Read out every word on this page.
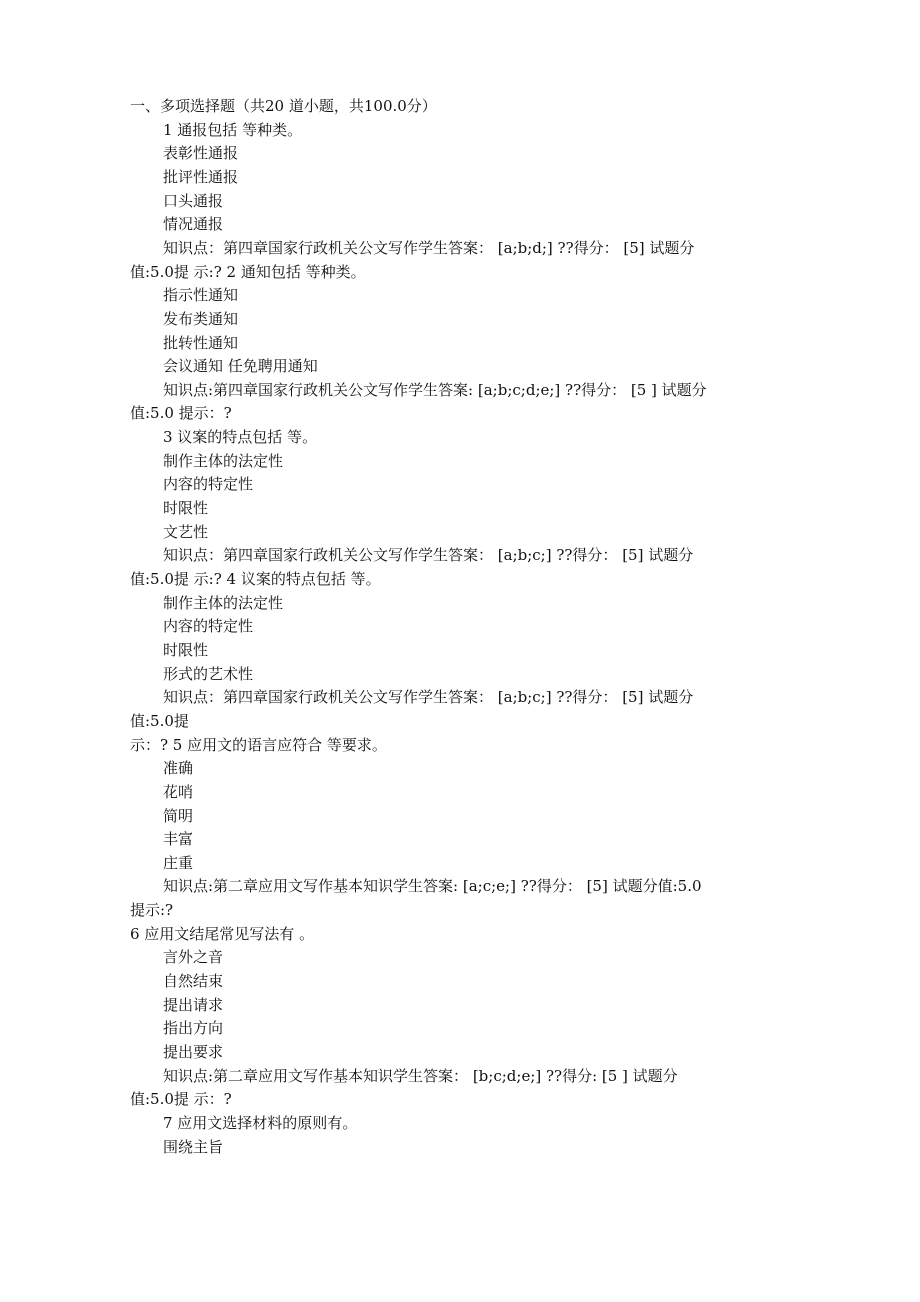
一、多项选择题（共20 道小题，共100.0分）
1 通报包括 等种类。
表彰性通报
批评性通报
口头通报
情况通报
知识点：第四章国家行政机关公文写作学生答案： [a;b;d;] ??得分： [5] 试题分
值:5.0提 示:? 2 通知包括 等种类。
指示性通知
发布类通知
批转性通知
会议通知 任免聘用通知
知识点:第四章国家行政机关公文写作学生答案: [a;b;c;d;e;] ??得分： [5 ] 试题分
值:5.0 提示：?
3 议案的特点包括 等。
制作主体的法定性
内容的特定性
时限性
文艺性
知识点：第四章国家行政机关公文写作学生答案： [a;b;c;] ??得分： [5] 试题分
值:5.0提 示:? 4 议案的特点包括 等。
制作主体的法定性
内容的特定性
时限性
形式的艺术性
知识点：第四章国家行政机关公文写作学生答案： [a;b;c;] ??得分： [5] 试题分
值:5.0提
示：? 5 应用文的语言应符合 等要求。
准确
花哨
简明
丰富
庄重
知识点:第二章应用文写作基本知识学生答案: [a;c;e;] ??得分： [5] 试题分值:5.0
提示:?
6 应用文结尾常见写法有 。
言外之音
自然结束
提出请求
指出方向
提出要求
知识点:第二章应用文写作基本知识学生答案： [b;c;d;e;] ??得分: [5 ] 试题分
值:5.0提 示：?
7 应用文选择材料的原则有。
围绕主旨
